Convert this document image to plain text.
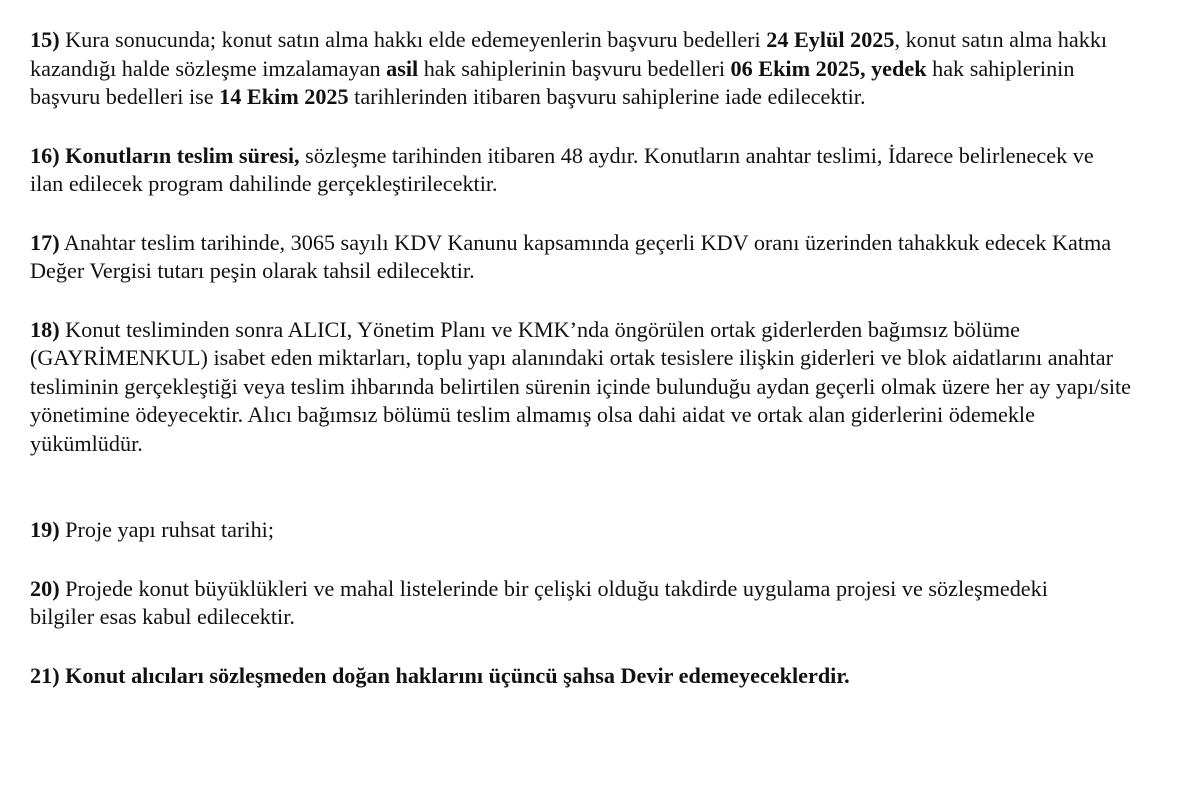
15) Kura sonucunda; konut satın alma hakkı elde edemeyenlerin başvuru bedelleri 24 Eylül 2025, konut satın alma hakkı kazandığı halde sözleşme imzalamayan asil hak sahiplerinin başvuru bedelleri 06 Ekim 2025, yedek hak sahiplerinin başvuru bedelleri ise 14 Ekim 2025 tarihlerinden itibaren başvuru sahiplerine iade edilecektir.

16) Konutların teslim süresi, sözleşme tarihinden itibaren 48 aydır. Konutların anahtar teslimi, İdarece belirlenecek ve ilan edilecek program dahilinde gerçekleştirilecektir.

17) Anahtar teslim tarihinde, 3065 sayılı KDV Kanunu kapsamında geçerli KDV oranı üzerinden tahakkuk edecek Katma Değer Vergisi tutarı peşin olarak tahsil edilecektir.

18) Konut tesliminden sonra ALICI, Yönetim Planı ve KMK’nda öngörülen ortak giderlerden bağımsız bölüme (GAYRİMENKUL) isabet eden miktarları, toplu yapı alanındaki ortak tesislere ilişkin giderleri ve blok aidatlarını anahtar tesliminin gerçekleştiği veya teslim ihbarında belirtilen sürenin içinde bulunduğu aydan geçerli olmak üzere her ay yapı/site yönetimine ödeyecektir. Alıcı bağımsız bölümü teslim almamış olsa dahi aidat ve ortak alan giderlerini ödemekle yükümlüdür.

19) Proje yapı ruhsat tarihi;

20) Projede konut büyüklükleri ve mahal listelerinde bir çelişki olduğu takdirde uygulama projesi ve sözleşmedeki bilgiler esas kabul edilecektir.

21) Konut alıcıları sözleşmeden doğan haklarını üçüncü şahsa Devir edemeyeceklerdir.
